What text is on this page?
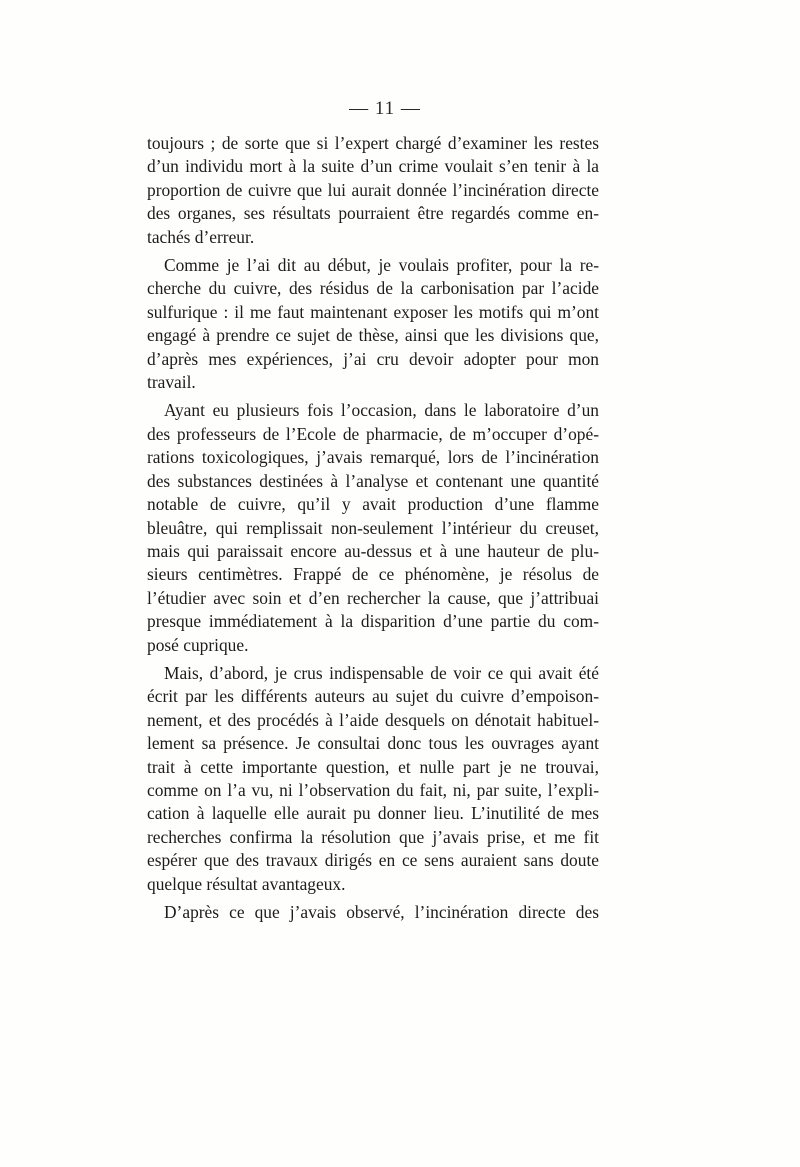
— 11 —

toujours ; de sorte que si l’expert chargé d’examiner les restes
d’un individu mort à la suite d’un crime voulait s’en tenir à la
proportion de cuivre que lui aurait donnée l’incinération directe
des organes, ses résultats pourraient être regardés comme en-
tachés d’erreur.

Comme je l’ai dit au début, je voulais profiter, pour la re-
cherche du cuivre, des résidus de la carbonisation par l’acide
sulfurique : il me faut maintenant exposer les motifs qui m’ont
engagé à prendre ce sujet de thèse, ainsi que les divisions que,
d’après mes expériences, j’ai cru devoir adopter pour mon
travail.

Ayant eu plusieurs fois l’occasion, dans le laboratoire d’un
des professeurs de l’Ecole de pharmacie, de m’occuper d’opé-
rations toxicologiques, j’avais remarqué, lors de l’incinération
des substances destinées à l’analyse et contenant une quantité
notable de cuivre, qu’il y avait production d’une flamme
bleuâtre, qui remplissait non-seulement l’intérieur du creuset,
mais qui paraissait encore au-dessus et à une hauteur de plu-
sieurs centimètres. Frappé de ce phénomène, je résolus de
l’étudier avec soin et d’en rechercher la cause, que j’attribuai
presque immédiatement à la disparition d’une partie du com-
posé cuprique.

Mais, d’abord, je crus indispensable de voir ce qui avait été
écrit par les différents auteurs au sujet du cuivre d’empoison-
nement, et des procédés à l’aide desquels on dénotait habituel-
lement sa présence. Je consultai donc tous les ouvrages ayant
trait à cette importante question, et nulle part je ne trouvai,
comme on l’a vu, ni l’observation du fait, ni, par suite, l’expli-
cation à laquelle elle aurait pu donner lieu. L’inutilité de mes
recherches confirma la résolution que j’avais prise, et me fit
espérer que des travaux dirigés en ce sens auraient sans doute
quelque résultat avantageux.

D’après ce que j’avais observé, l’incinération directe des
